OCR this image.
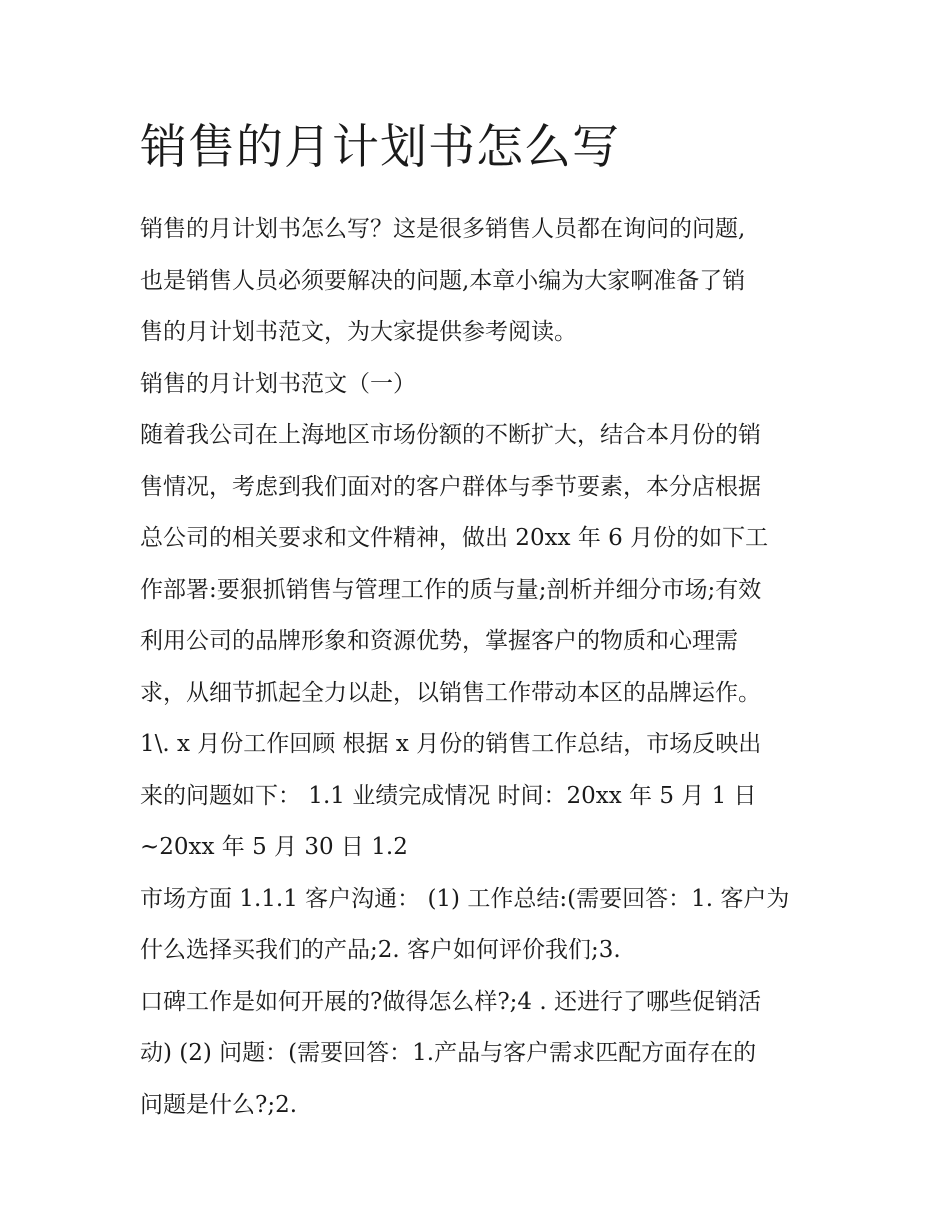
销售的月计划书怎么写

销售的月计划书怎么写？这是很多销售人员都在询问的问题,

也是销售人员必须要解决的问题,本章小编为大家啊准备了销

售的月计划书范文，为大家提供参考阅读。

销售的月计划书范文（一）

随着我公司在上海地区市场份额的不断扩大，结合本月份的销

售情况，考虑到我们面对的客户群体与季节要素，本分店根据

总公司的相关要求和文件精神，做出 20xx 年 6 月份的如下工

作部署:要狠抓销售与管理工作的质与量;剖析并细分市场;有效

利用公司的品牌形象和资源优势，掌握客户的物质和心理需

求，从细节抓起全力以赴，以销售工作带动本区的品牌运作。

1\. x 月份工作回顾 根据 x 月份的销售工作总结，市场反映出

来的问题如下： 1.1 业绩完成情况 时间：20xx 年 5 月 1 日

~20xx 年 5 月 30 日 1.2

市场方面 1.1.1 客户沟通： (1) 工作总结:(需要回答：1. 客户为

什么选择买我们的产品;2. 客户如何评价我们;3.

口碑工作是如何开展的?做得怎么样?;4 . 还进行了哪些促销活

动) (2) 问题：(需要回答：1.产品与客户需求匹配方面存在的

问题是什么?;2.
